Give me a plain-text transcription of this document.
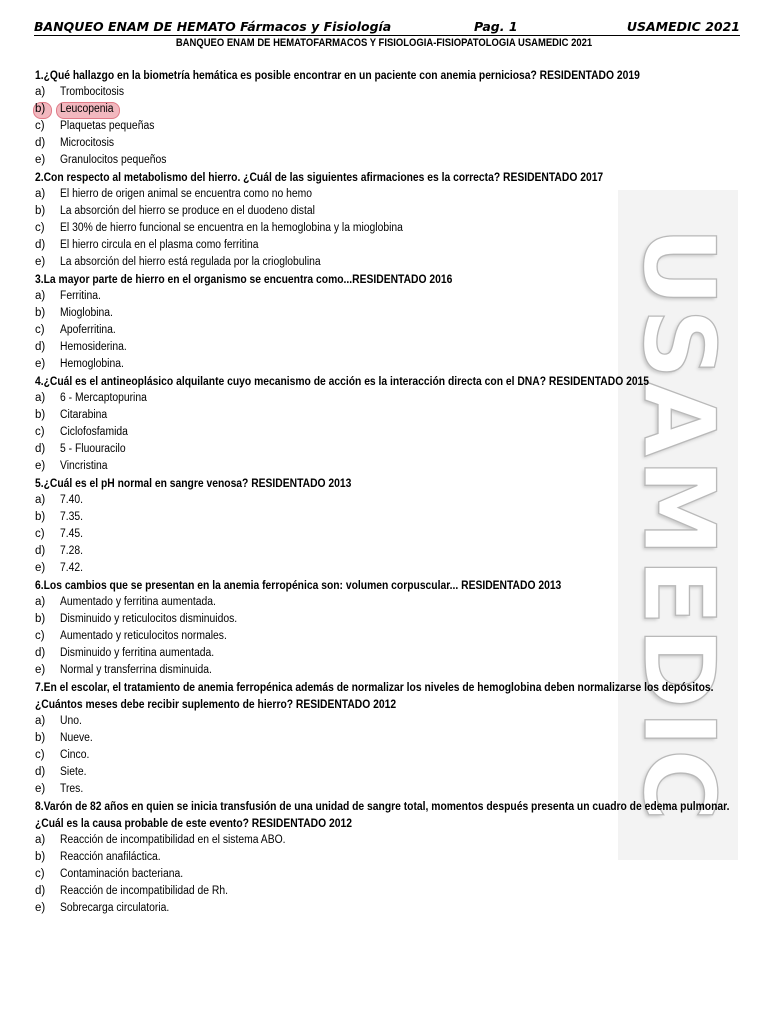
BANQUEO ENAM DE HEMATO Fármacos y Fisiología	Pag. 1	USAMEDIC 2021
BANQUEO ENAM DE HEMATOFARMACOS Y FISIOLOGIA-FISIOPATOLOGIA USAMEDIC 2021
USAMEDIC
1.¿Qué hallazgo en la biometría hemática es posible encontrar en un paciente con anemia perniciosa? RESIDENTADO 2019
a) Trombocitosis
b) Leucopenia
c) Plaquetas pequeñas
d) Microcitosis
e) Granulocitos pequeños
2.Con respecto al metabolismo del hierro. ¿Cuál de las siguientes afirmaciones es la correcta? RESIDENTADO 2017
a) El hierro de origen animal se encuentra como no hemo
b) La absorción del hierro se produce en el duodeno distal
c) El 30% de hierro funcional se encuentra en la hemoglobina y la mioglobina
d) El hierro circula en el plasma como ferritina
e) La absorción del hierro está regulada por la crioglobulina
3.La mayor parte de hierro en el organismo se encuentra como...RESIDENTADO 2016
a) Ferritina.
b) Mioglobina.
c) Apoferritina.
d) Hemosiderina.
e) Hemoglobina.
4.¿Cuál es el antineoplásico alquilante cuyo mecanismo de acción es la interacción directa con el DNA? RESIDENTADO 2015
a) 6 - Mercaptopurina
b) Citarabina
c) Ciclofosfamida
d) 5 - Fluouracilo
e) Vincristina
5.¿Cuál es el pH normal en sangre venosa? RESIDENTADO 2013
a) 7.40.
b) 7.35.
c) 7.45.
d) 7.28.
e) 7.42.
6.Los cambios que se presentan en la anemia ferropénica son: volumen corpuscular... RESIDENTADO 2013
a) Aumentado y ferritina aumentada.
b) Disminuido y reticulocitos disminuidos.
c) Aumentado y reticulocitos normales.
d) Disminuido y ferritina aumentada.
e) Normal y transferrina disminuida.
7.En el escolar, el tratamiento de anemia ferropénica además de normalizar los niveles de hemoglobina deben normalizarse los depósitos.
¿Cuántos meses debe recibir suplemento de hierro? RESIDENTADO 2012
a) Uno.
b) Nueve.
c) Cinco.
d) Siete.
e) Tres.
8.Varón de 82 años en quien se inicia transfusión de una unidad de sangre total, momentos después presenta un cuadro de edema pulmonar.
¿Cuál es la causa probable de este evento? RESIDENTADO 2012
a) Reacción de incompatibilidad en el sistema ABO.
b) Reacción anafiláctica.
c) Contaminación bacteriana.
d) Reacción de incompatibilidad de Rh.
e) Sobrecarga circulatoria.
